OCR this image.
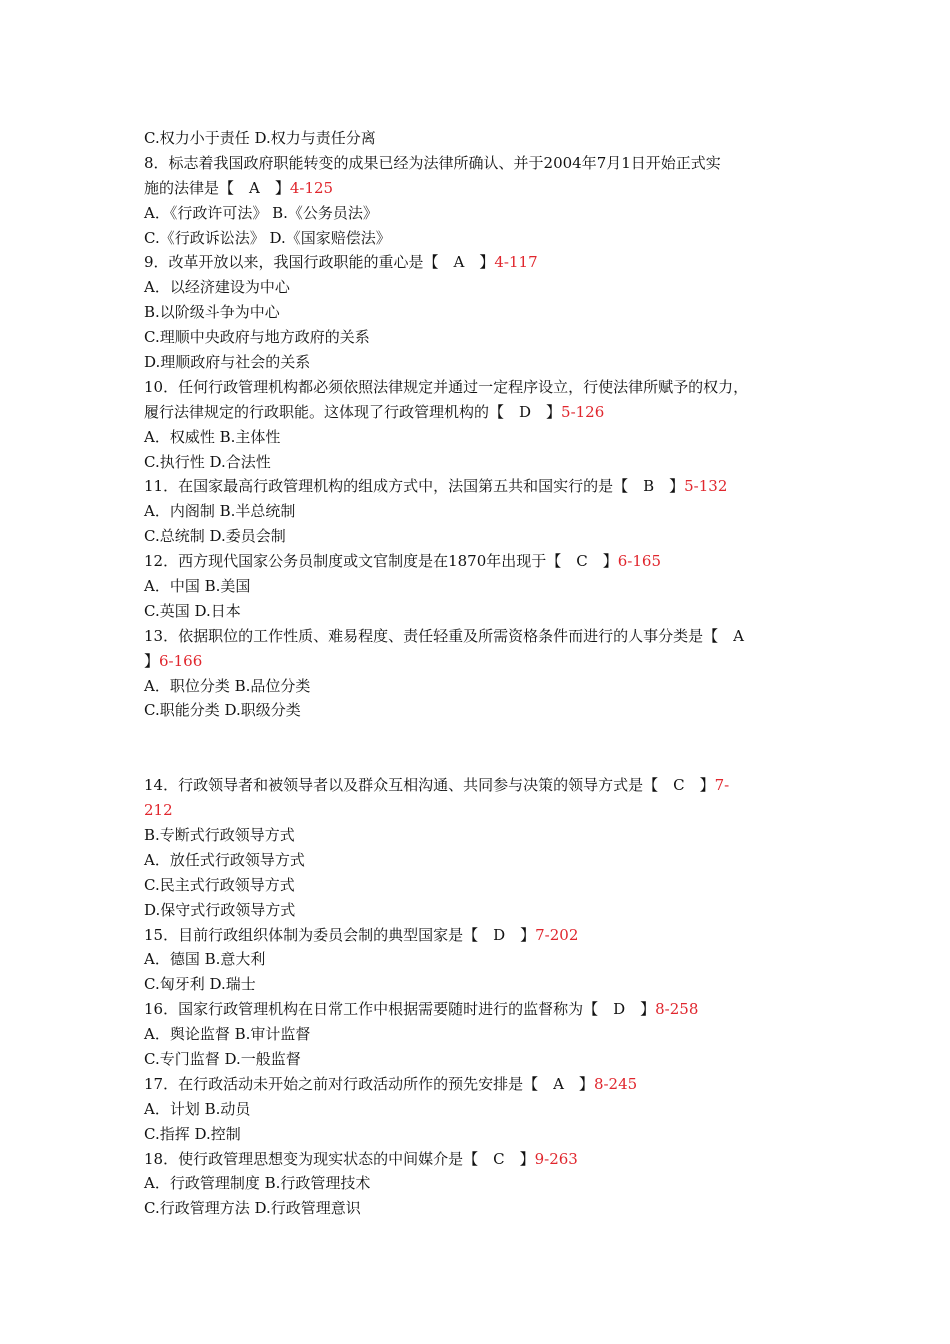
C.权力小于责任 D.权力与责任分离
8．标志着我国政府职能转变的成果已经为法律所确认、并于2004年7月1日开始正式实
施的法律是【　A　】4-125
A．《行政许可法》 B.《公务员法》
C.《行政诉讼法》 D.《国家赔偿法》
9．改革开放以来，我国行政职能的重心是【　A　】4-117
A．以经济建设为中心
B.以阶级斗争为中心
C.理顺中央政府与地方政府的关系
D.理顺政府与社会的关系
10．任何行政管理机构都必须依照法律规定并通过一定程序设立，行使法律所赋予的权力，
履行法律规定的行政职能。这体现了行政管理机构的【　D　】5-126
A．权威性 B.主体性
C.执行性 D.合法性
11．在国家最高行政管理机构的组成方式中，法国第五共和国实行的是【　B　】5-132
A．内阁制 B.半总统制
C.总统制 D.委员会制
12．西方现代国家公务员制度或文官制度是在1870年出现于【　C　】6-165
A．中国 B.美国
C.英国 D.日本
13．依据职位的工作性质、难易程度、责任轻重及所需资格条件而进行的人事分类是【　A
】6-166
A．职位分类 B.品位分类
C.职能分类 D.职级分类
14．行政领导者和被领导者以及群众互相沟通、共同参与决策的领导方式是【　C　】7-
212
B.专断式行政领导方式
A．放任式行政领导方式
C.民主式行政领导方式
D.保守式行政领导方式
15．目前行政组织体制为委员会制的典型国家是【　D　】7-202
A．德国 B.意大利
C.匈牙利 D.瑞士
16．国家行政管理机构在日常工作中根据需要随时进行的监督称为【　D　】8-258
A．舆论监督 B.审计监督
C.专门监督 D.一般监督
17．在行政活动未开始之前对行政活动所作的预先安排是【　A　】8-245
A．计划 B.动员
C.指挥 D.控制
18．使行政管理思想变为现实状态的中间媒介是【　C　】9-263
A．行政管理制度 B.行政管理技术
C.行政管理方法 D.行政管理意识
